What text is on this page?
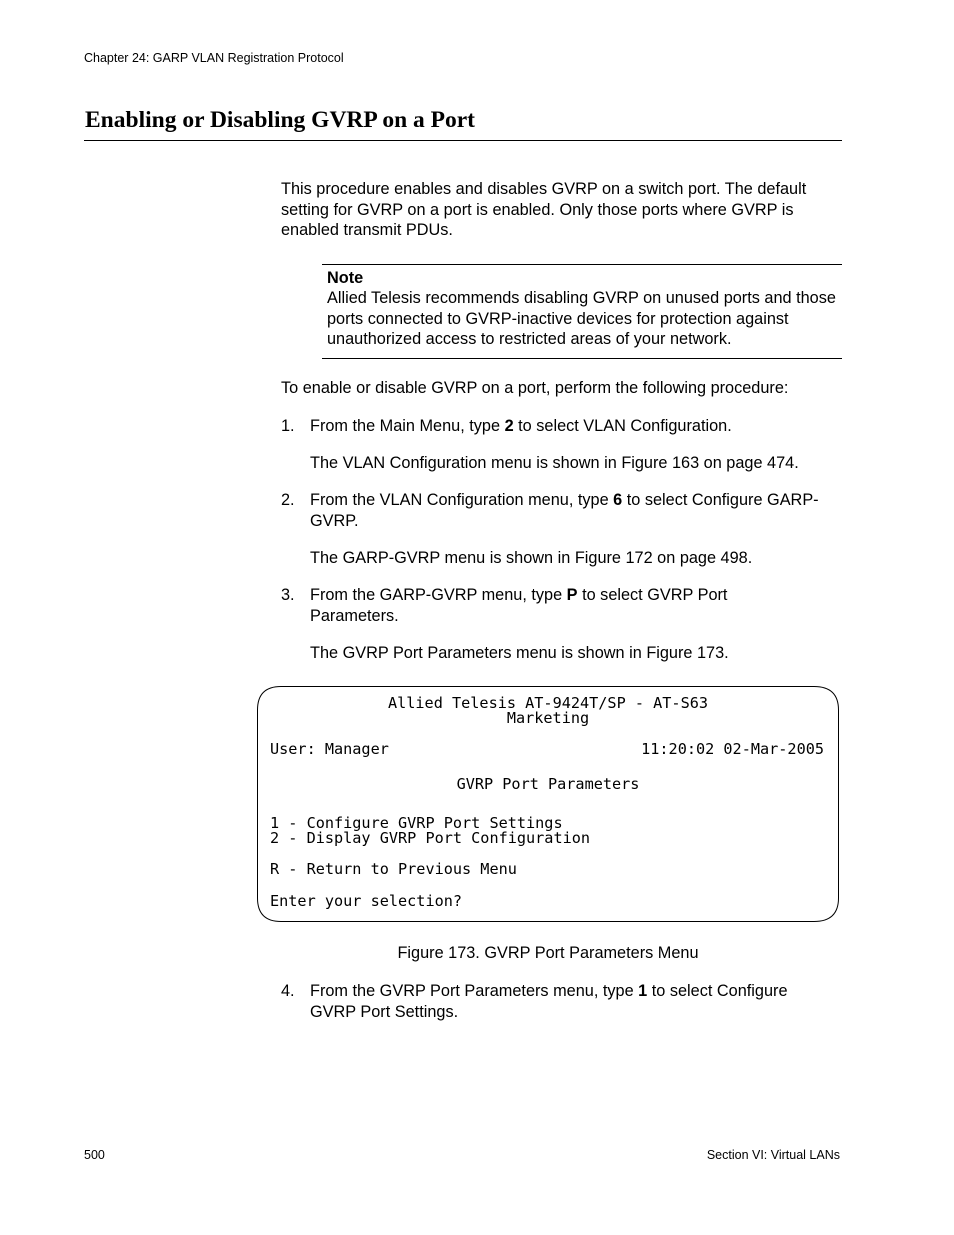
Chapter 24: GARP VLAN Registration Protocol
Enabling or Disabling GVRP on a Port
This procedure enables and disables GVRP on a switch port. The default setting for GVRP on a port is enabled. Only those ports where GVRP is enabled transmit PDUs.
Note
Allied Telesis recommends disabling GVRP on unused ports and those ports connected to GVRP-inactive devices for protection against unauthorized access to restricted areas of your network.
To enable or disable GVRP on a port, perform the following procedure:
1. From the Main Menu, type 2 to select VLAN Configuration.
The VLAN Configuration menu is shown in Figure 163 on page 474.
2. From the VLAN Configuration menu, type 6 to select Configure GARP-GVRP.
The GARP-GVRP menu is shown in Figure 172 on page 498.
3. From the GARP-GVRP menu, type P to select GVRP Port Parameters.
The GVRP Port Parameters menu is shown in Figure 173.
Allied Telesis AT-9424T/SP - AT-S63
Marketing
User: Manager	11:20:02 02-Mar-2005
GVRP Port Parameters
1 - Configure GVRP Port Settings
2 - Display GVRP Port Configuration
R - Return to Previous Menu
Enter your selection?
Figure 173. GVRP Port Parameters Menu
4. From the GVRP Port Parameters menu, type 1 to select Configure GVRP Port Settings.
500	Section VI: Virtual LANs
